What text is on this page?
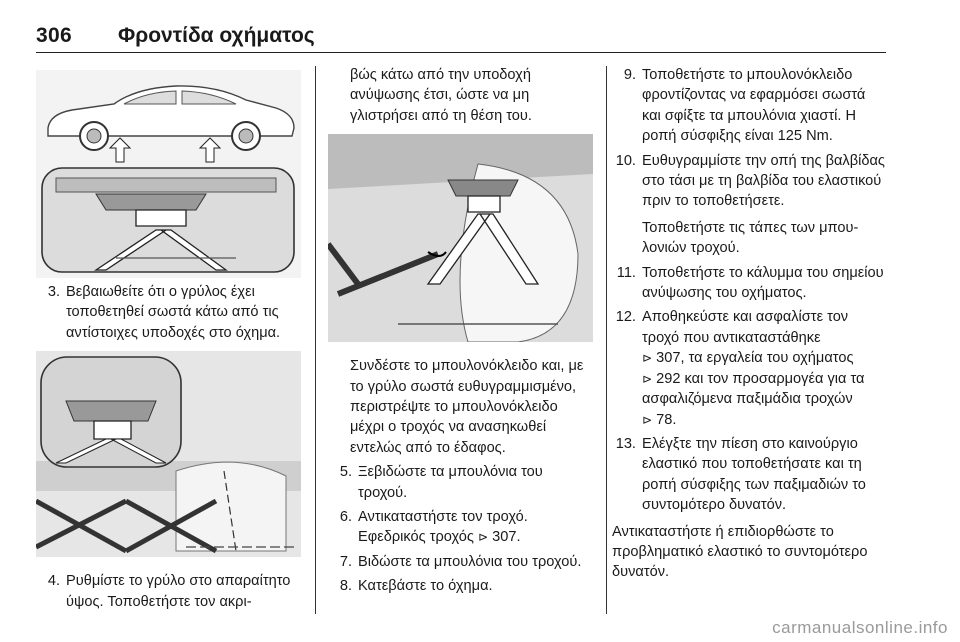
306 Φροντίδα οχήματος
3. Βεβαιωθείτε ότι ο γρύλος έχει τοποθετηθεί σωστά κάτω από τις αντίστοιχες υποδοχές στο όχημα.
4. Ρυθμίστε το γρύλο στο απαραίτητο ύψος. Τοποθετήστε τον ακρι-

βώς κάτω από την υποδοχή ανύψωσης έτσι, ώστε να μη γλιστρήσει από τη θέση του.

Συνδέστε το μπουλονόκλειδο και, με το γρύλο σωστά ευθυγραμμισμένο, περιστρέψτε το μπουλονόκλειδο μέχρι ο τροχός να ανασηκωθεί εντελώς από το έδαφος.

5. Ξεβιδώστε τα μπουλόνια του τροχού.
6. Αντικαταστήστε τον τροχό. Εφεδρικός τροχός ⊳ 307.
7. Βιδώστε τα μπουλόνια του τροχού.
8. Κατεβάστε το όχημα.
9. Τοποθετήστε το μπουλονόκλειδο φροντίζοντας να εφαρμόσει σωστά και σφίξτε τα μπουλόνια χιαστί. Η ροπή σύσφιξης είναι 125 Nm.
10. Ευθυγραμμίστε την οπή της βαλβίδας στο τάσι με τη βαλβίδα του ελαστικού πριν το τοποθετήσετε.
Τοποθετήστε τις τάπες των μπουλονιών τροχού.
11. Τοποθετήστε το κάλυμμα του σημείου ανύψωσης του οχήματος.
12. Αποθηκεύστε και ασφαλίστε τον τροχό που αντικαταστάθηκε
⊳ 307, τα εργαλεία του οχήματος
⊳ 292 και τον προσαρμογέα για τα ασφαλιζόμενα παξιμάδια τροχών
⊳ 78.
13. Ελέγξτε την πίεση στο καινούργιο ελαστικό που τοποθετήσατε και τη ροπή σύσφιξης των παξιμαδιών το συντομότερο δυνατόν.

Αντικαταστήστε ή επιδιορθώστε το προβληματικό ελαστικό το συντομότερο δυνατόν.

carmanualsonline.info
